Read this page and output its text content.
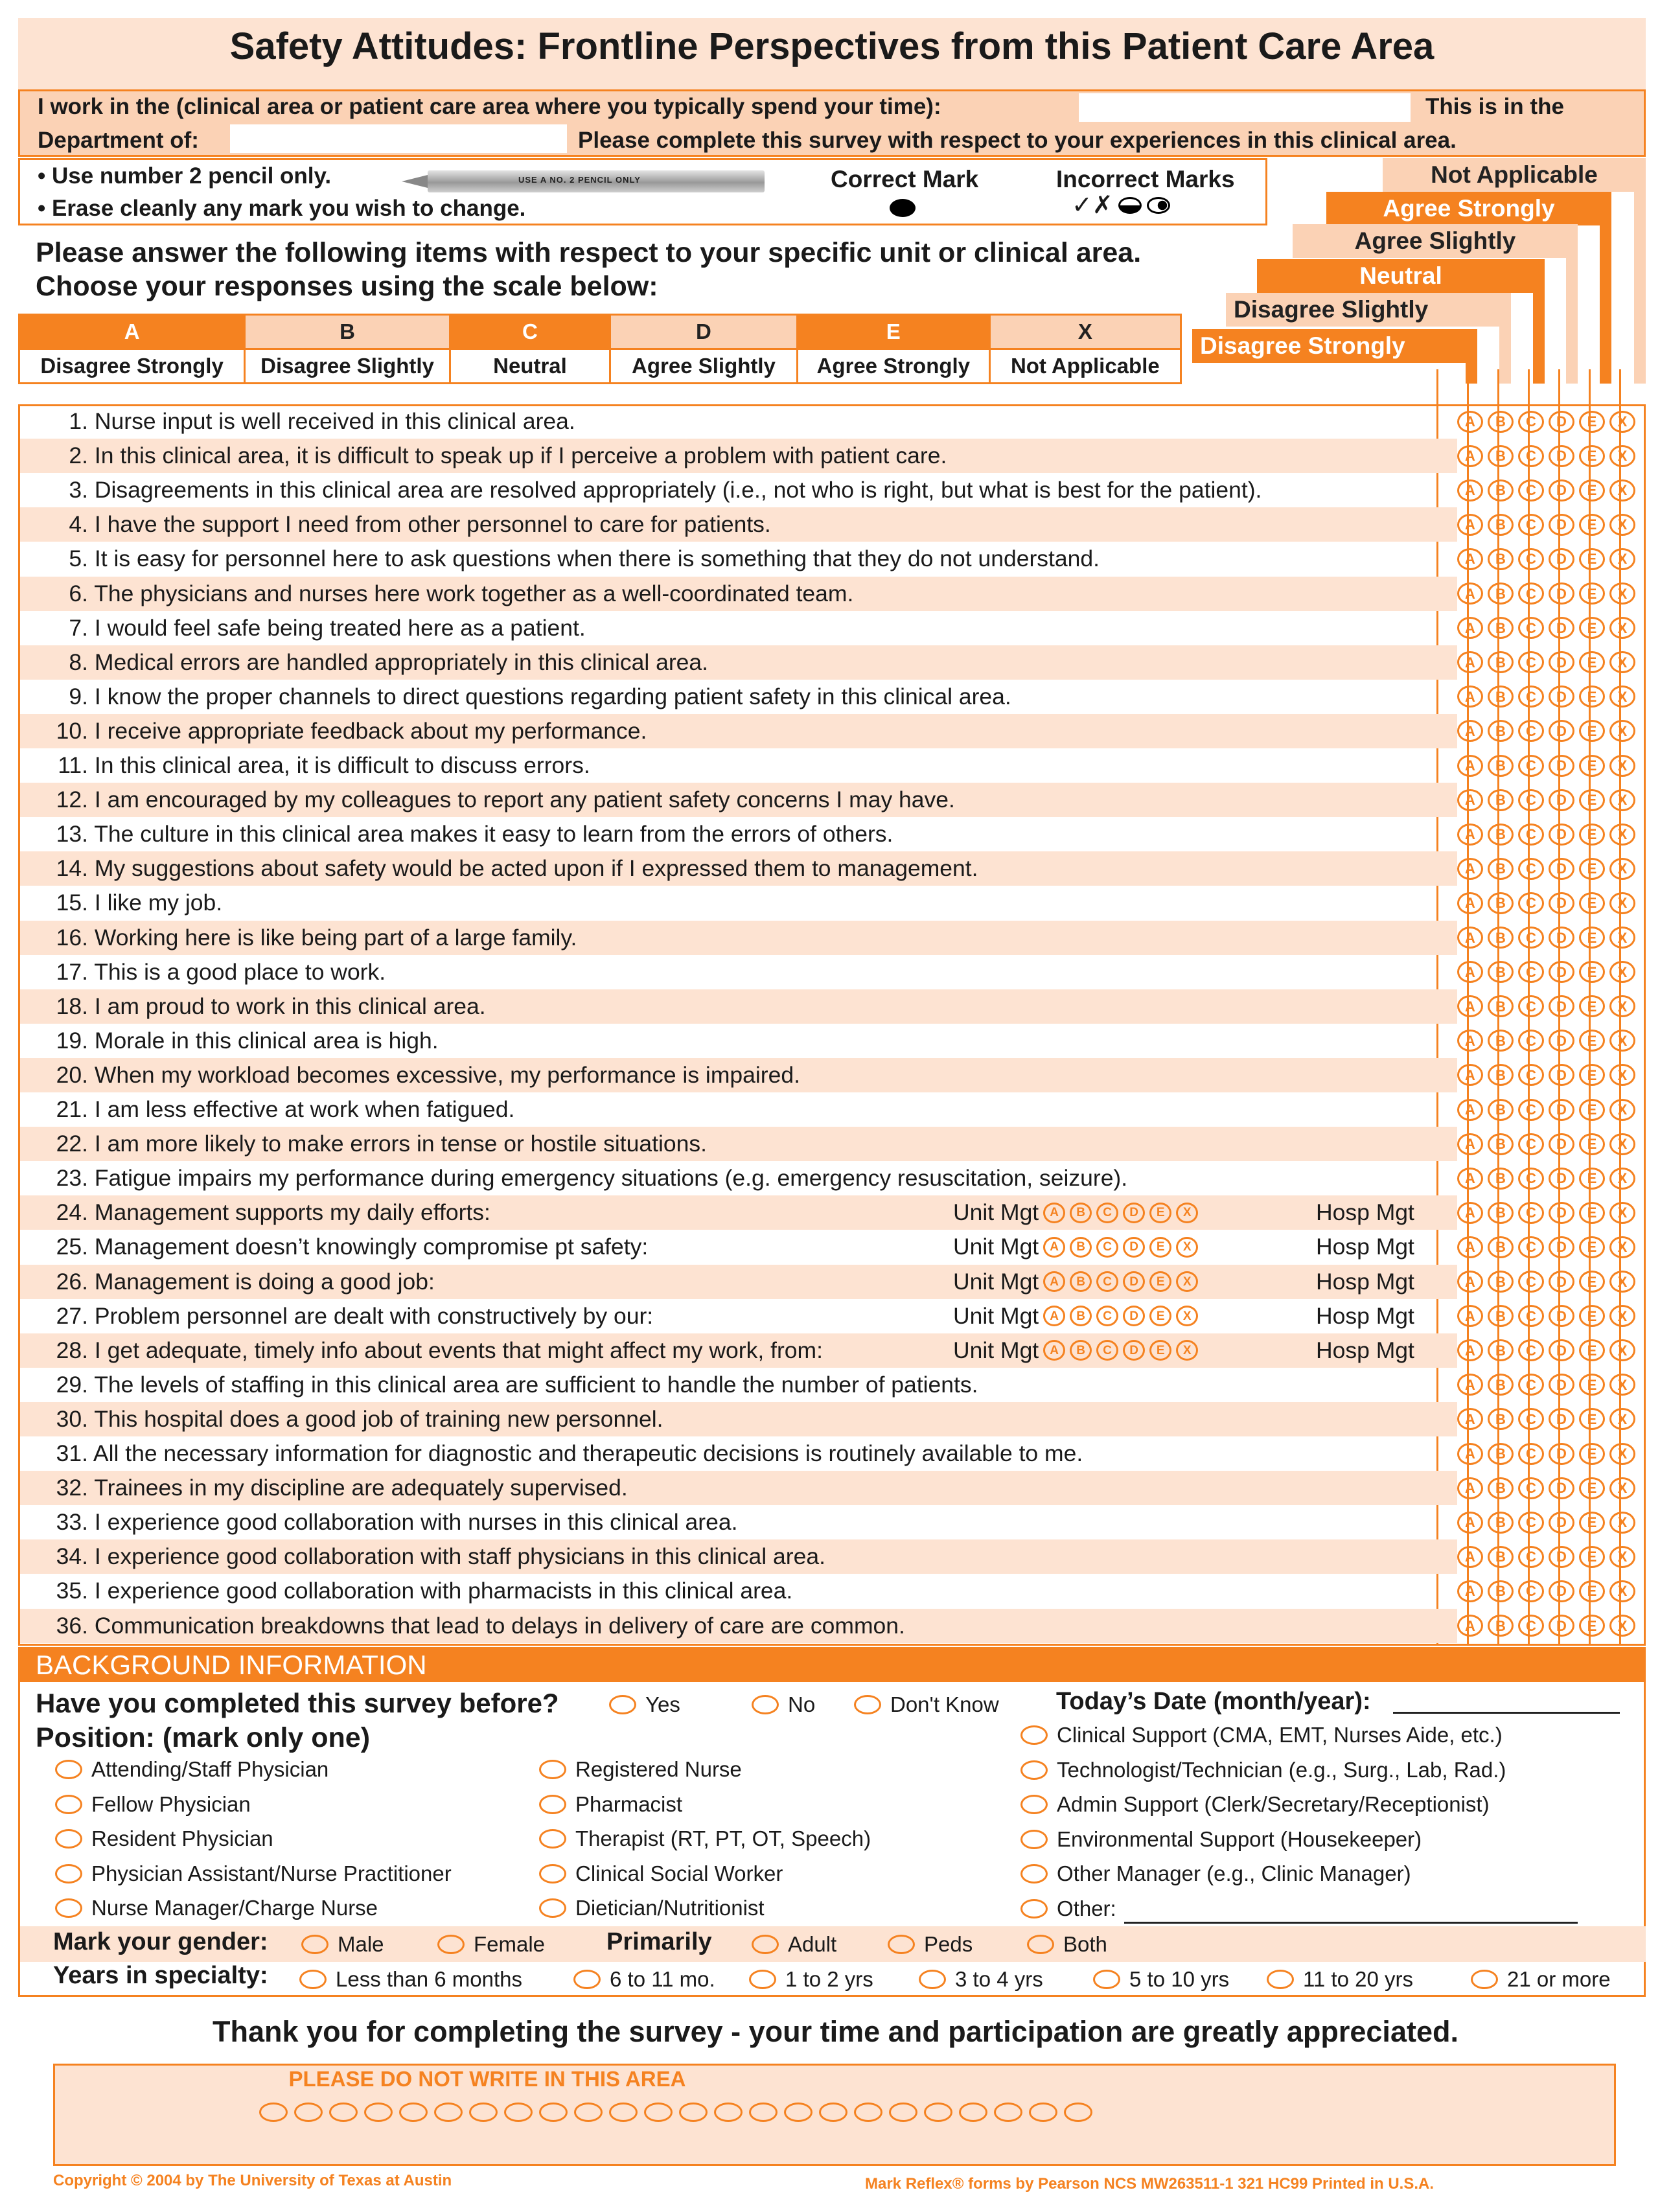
Safety Attitudes: Frontline Perspectives from this Patient Care Area
I work in the (clinical area or patient care area where you typically spend your time):	This is in the
Department of:	Please complete this survey with respect to your experiences in this clinical area.
• Use number 2 pencil only.
• Erase cleanly any mark you wish to change.
USE A NO. 2 PENCIL ONLY	Correct Mark	Incorrect Marks
✓✗
Not Applicable
Agree Strongly
Agree Slightly
Neutral
Disagree Slightly
Disagree Strongly
Please answer the following items with respect to your specific unit or clinical area.
Choose your responses using the scale below:
A	B	C	D	E	X
Disagree Strongly	Disagree Slightly	Neutral	Agree Slightly	Agree Strongly	Not Applicable
1. Nurse input is well received in this clinical area.	A	B	C	D	E	X
2. In this clinical area, it is difficult to speak up if I perceive a problem with patient care.	A	B	C	D	E	X
3. Disagreements in this clinical area are resolved appropriately (i.e., not who is right, but what is best for the patient).	A	B	C	D	E	X
4. I have the support I need from other personnel to care for patients.	A	B	C	D	E	X
5. It is easy for personnel here to ask questions when there is something that they do not understand.	A	B	C	D	E	X
6. The physicians and nurses here work together as a well-coordinated team.	A	B	C	D	E	X
7. I would feel safe being treated here as a patient.	A	B	C	D	E	X
8. Medical errors are handled appropriately in this clinical area.	A	B	C	D	E	X
9. I know the proper channels to direct questions regarding patient safety in this clinical area.	A	B	C	D	E	X
10. I receive appropriate feedback about my performance.	A	B	C	D	E	X
11. In this clinical area, it is difficult to discuss errors.	A	B	C	D	E	X
12. I am encouraged by my colleagues to report any patient safety concerns I may have.	A	B	C	D	E	X
13. The culture in this clinical area makes it easy to learn from the errors of others.	A	B	C	D	E	X
14. My suggestions about safety would be acted upon if I expressed them to management.	A	B	C	D	E	X
15. I like my job.	A	B	C	D	E	X
16. Working here is like being part of a large family.	A	B	C	D	E	X
17. This is a good place to work.	A	B	C	D	E	X
18. I am proud to work in this clinical area.	A	B	C	D	E	X
19. Morale in this clinical area is high.	A	B	C	D	E	X
20. When my workload becomes excessive, my performance is impaired.	A	B	C	D	E	X
21. I am less effective at work when fatigued.	A	B	C	D	E	X
22. I am more likely to make errors in tense or hostile situations.	A	B	C	D	E	X
23. Fatigue impairs my performance during emergency situations (e.g. emergency resuscitation, seizure).	A	B	C	D	E	X
24. Management supports my daily efforts:	Unit Mgt A	B	C	D	E	X	Hosp Mgt	A	B	C	D	E	X
25. Management doesn’t knowingly compromise pt safety:	Unit Mgt A	B	C	D	E	X	Hosp Mgt	A	B	C	D	E	X
26. Management is doing a good job:	Unit Mgt A	B	C	D	E	X	Hosp Mgt	A	B	C	D	E	X
27. Problem personnel are dealt with constructively by our:	Unit Mgt A	B	C	D	E	X	Hosp Mgt	A	B	C	D	E	X
28. I get adequate, timely info about events that might affect my work, from:	Unit Mgt A	B	C	D	E	X	Hosp Mgt	A	B	C	D	E	X
29. The levels of staffing in this clinical area are sufficient to handle the number of patients.	A	B	C	D	E	X
30. This hospital does a good job of training new personnel.	A	B	C	D	E	X
31. All the necessary information for diagnostic and therapeutic decisions is routinely available to me.	A	B	C	D	E	X
32. Trainees in my discipline are adequately supervised.	A	B	C	D	E	X
33. I experience good collaboration with nurses in this clinical area.	A	B	C	D	E	X
34. I experience good collaboration with staff physicians in this clinical area.	A	B	C	D	E	X
35. I experience good collaboration with pharmacists in this clinical area.	A	B	C	D	E	X
36. Communication breakdowns that lead to delays in delivery of care are common.	A	B	C	D	E	X
BACKGROUND INFORMATION
Have you completed this survey before?	Yes	No	Don't Know Today’s Date (month/year):
Position: (mark only one)
Attending/Staff Physician
Fellow Physician
Resident Physician
Physician Assistant/Nurse Practitioner
Nurse Manager/Charge Nurse
Registered Nurse
Pharmacist
Therapist (RT, PT, OT, Speech)
Clinical Social Worker
Dietician/Nutritionist
Clinical Support (CMA, EMT, Nurses Aide, etc.)
Technologist/Technician (e.g., Surg., Lab, Rad.)
Admin Support (Clerk/Secretary/Receptionist)
Environmental Support (Housekeeper)
Other Manager (e.g., Clinic Manager)
Other:
Mark your gender:	Male	Female Primarily	Adult	Peds	Both
Years in specialty:	Less than 6 months	6 to 11 mo.	1 to 2 yrs	3 to 4 yrs	5 to 10 yrs	11 to 20 yrs	21 or more
Thank you for completing the survey - your time and participation are greatly appreciated.
PLEASE DO NOT WRITE IN THIS AREA
Copyright © 2004 by The University of Texas at Austin	Mark Reflex® forms by Pearson NCS MW263511-1 321 HC99 Printed in U.S.A.
